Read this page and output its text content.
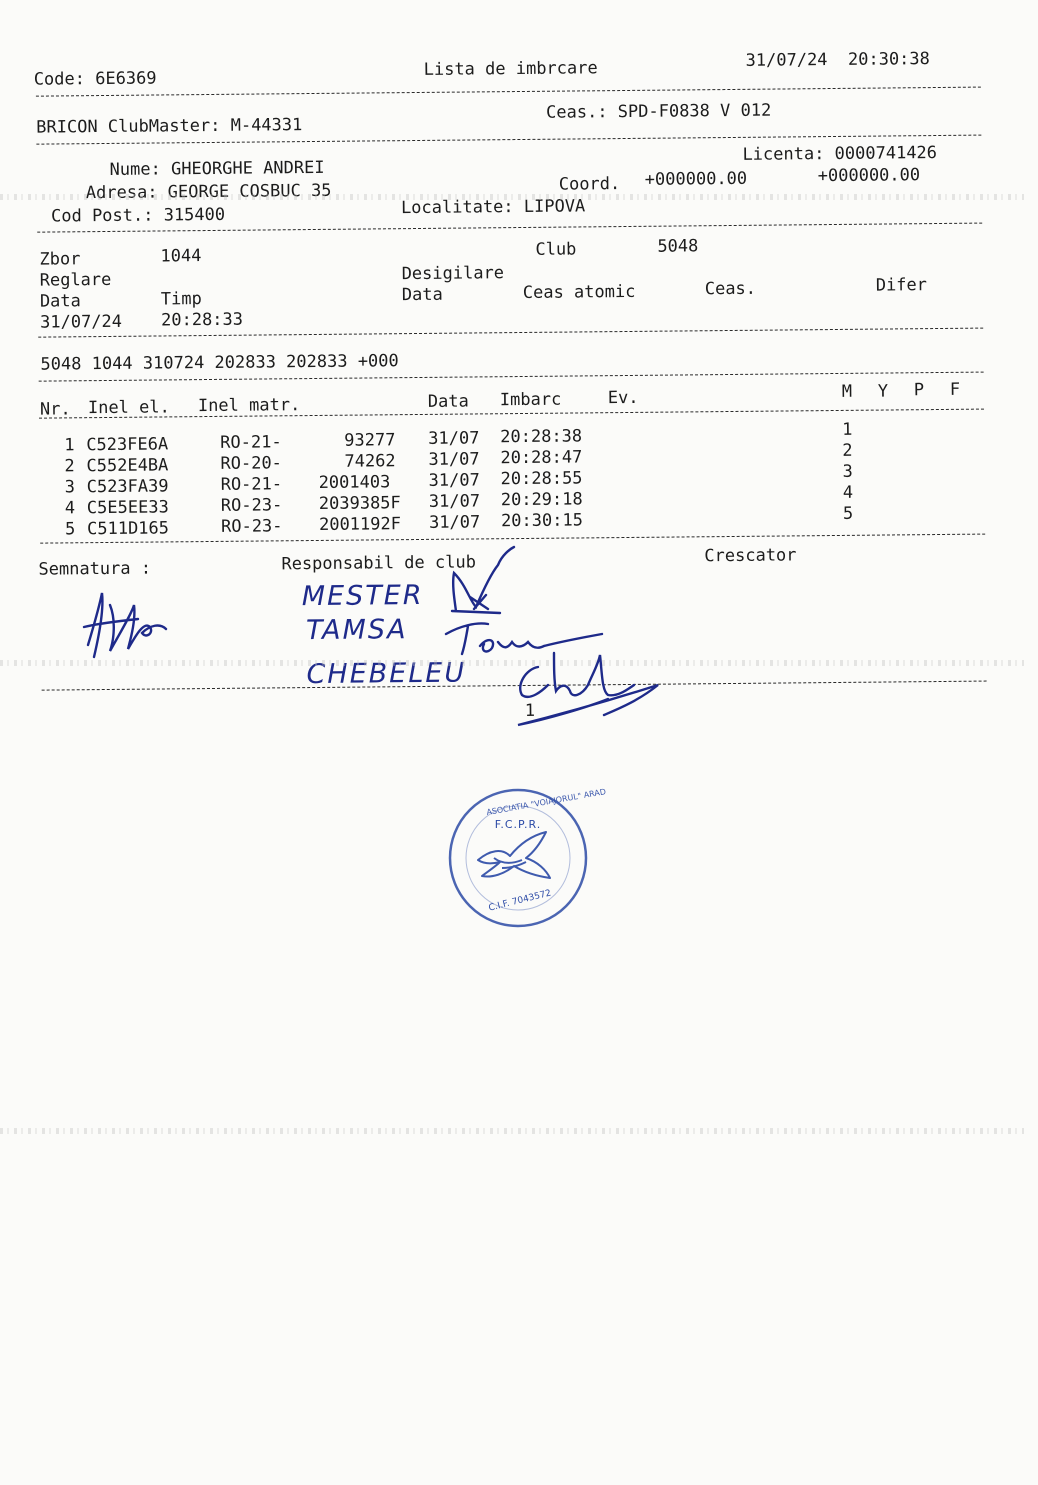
Code: 6E6369	Lista de imbrcare	31/07/24  20:30:38
BRICON ClubMaster: M-44331
Ceas.: SPD-F0838 V 012
Nume: GHEORGHE ANDREI
Licenta: 0000741426
Adresa: GEORGE COSBUC 35	Coord. +000000.00	+000000.00
Cod Post.: 315400	Localitate: LIPOVA
Zbor	1044	Club	5048
Reglare	Desigilare
Data	Timp	Data	Ceas atomic	Ceas.	Difer
31/07/24 20:28:33
5048 1044 310724 202833 202833 +000
Nr. Inel el. Inel matr.	Data Imbarc	Ev.	M Y P F
1 C523FE6A	RO-21-	93277 31/07 20:28:38	1
2 C552E4BA	RO-20-	74262 31/07 20:28:47	2
3 C523FA39	RO-21- 2001403 31/07 20:28:55	3
4 C5E5EE33	RO-23- 2039385F 31/07 20:29:18	4
5 C511D165	RO-23- 2001192F 31/07 20:30:15	5
Semnatura :	Responsabil de club	Crescator
MESTER
TAMSA
CHEBELEU
1
ASOCIATIA "VOIAJORUL" ARAD
F.C.P.R.
C.I.F. 7043572
